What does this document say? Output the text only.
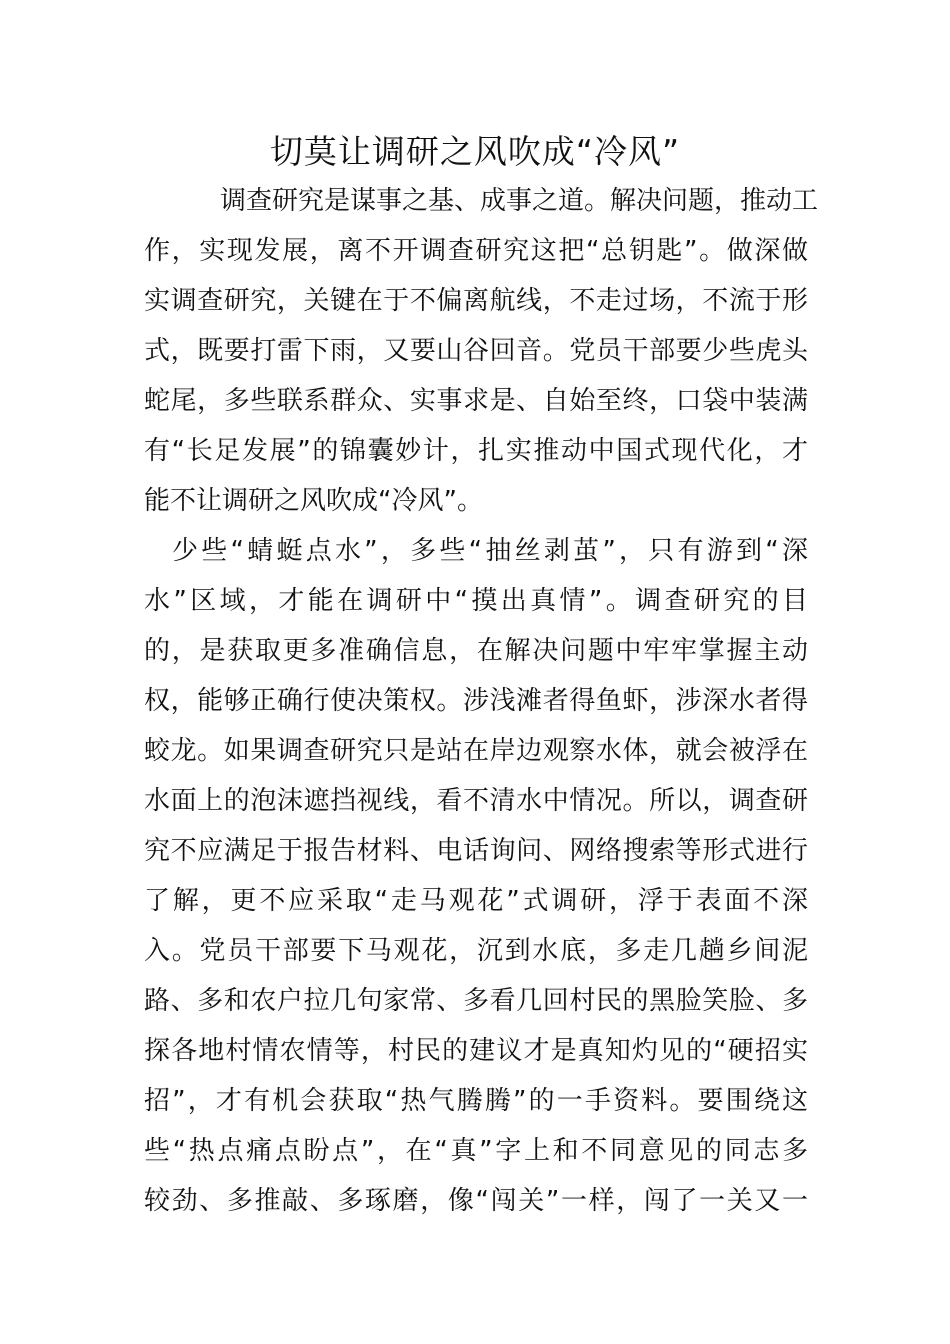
切莫让调研之风吹成“冷风”
调查研究是谋事之基、成事之道。解决问题，推动工
作，实现发展，离不开调查研究这把“总钥匙”。做深做
实调查研究，关键在于不偏离航线，不走过场，不流于形
式，既要打雷下雨，又要山谷回音。党员干部要少些虎头
蛇尾，多些联系群众、实事求是、自始至终，口袋中装满
有“长足发展”的锦囊妙计，扎实推动中国式现代化，才
能不让调研之风吹成“冷风”。
少些“蜻蜓点水”，多些“抽丝剥茧”，只有游到“深
水”区域，才能在调研中“摸出真情”。调查研究的目
的，是获取更多准确信息，在解决问题中牢牢掌握主动
权，能够正确行使决策权。涉浅滩者得鱼虾，涉深水者得
蛟龙。如果调查研究只是站在岸边观察水体，就会被浮在
水面上的泡沫遮挡视线，看不清水中情况。所以，调查研
究不应满足于报告材料、电话询问、网络搜索等形式进行
了解，更不应采取“走马观花”式调研，浮于表面不深
入。党员干部要下马观花，沉到水底，多走几趟乡间泥
路、多和农户拉几句家常、多看几回村民的黑脸笑脸、多
探各地村情农情等，村民的建议才是真知灼见的“硬招实
招”，才有机会获取“热气腾腾”的一手资料。要围绕这
些“热点痛点盼点”，在“真”字上和不同意见的同志多
较劲、多推敲、多琢磨，像“闯关”一样，闯了一关又一
